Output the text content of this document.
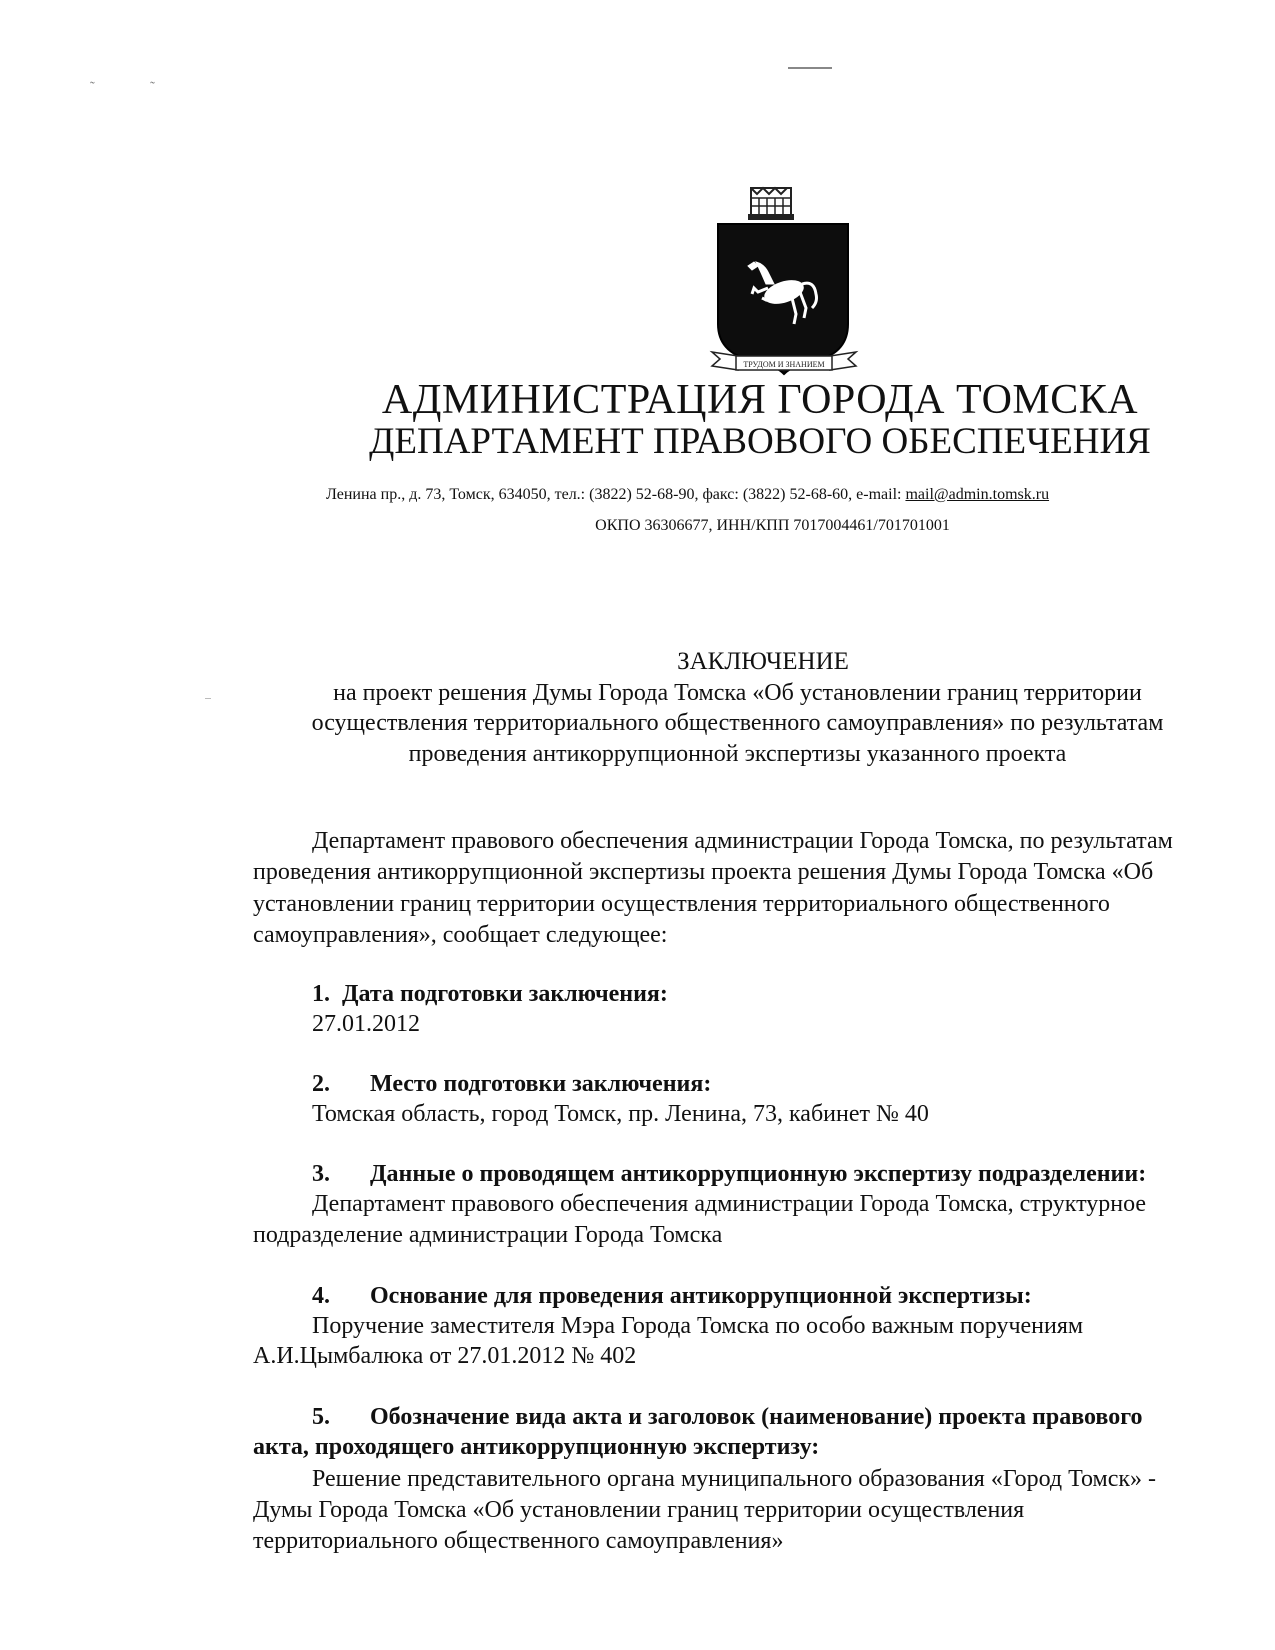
˜ ˜
ТРУДОМ И ЗНАНИЕМ
АДМИНИСТРАЦИЯ ГОРОДА ТОМСКА
ДЕПАРТАМЕНТ ПРАВОВОГО ОБЕСПЕЧЕНИЯ
Ленина пр., д. 73, Томск, 634050, тел.: (3822) 52-68-90, факс: (3822) 52-68-60, e-mail: mail@admin.tomsk.ru
ОКПО 36306677, ИНН/КПП 7017004461/701701001
ЗАКЛЮЧЕНИЕ
на проект решения Думы Города Томска «Об установлении границ территории
осуществления территориального общественного самоуправления» по результатам
проведения антикоррупционной экспертизы указанного проекта
Департамент правового обеспечения администрации Города Томска, по результатам
проведения антикоррупционной экспертизы проекта решения Думы Города Томска «Об
установлении границ территории осуществления территориального общественного
самоуправления», сообщает следующее:
1. Дата подготовки заключения:
27.01.2012
2. Место подготовки заключения:
Томская область, город Томск, пр. Ленина, 73, кабинет № 40
3. Данные о проводящем антикоррупционную экспертизу подразделении:
Департамент правового обеспечения администрации Города Томска, структурное
подразделение администрации Города Томска
4. Основание для проведения антикоррупционной экспертизы:
Поручение заместителя Мэра Города Томска по особо важным поручениям
А.И.Цымбалюка от 27.01.2012 № 402
5. Обозначение вида акта и заголовок (наименование) проекта правового
акта, проходящего антикоррупционную экспертизу:
Решение представительного органа муниципального образования «Город Томск» -
Думы Города Томска «Об установлении границ территории осуществления
территориального общественного самоуправления»
